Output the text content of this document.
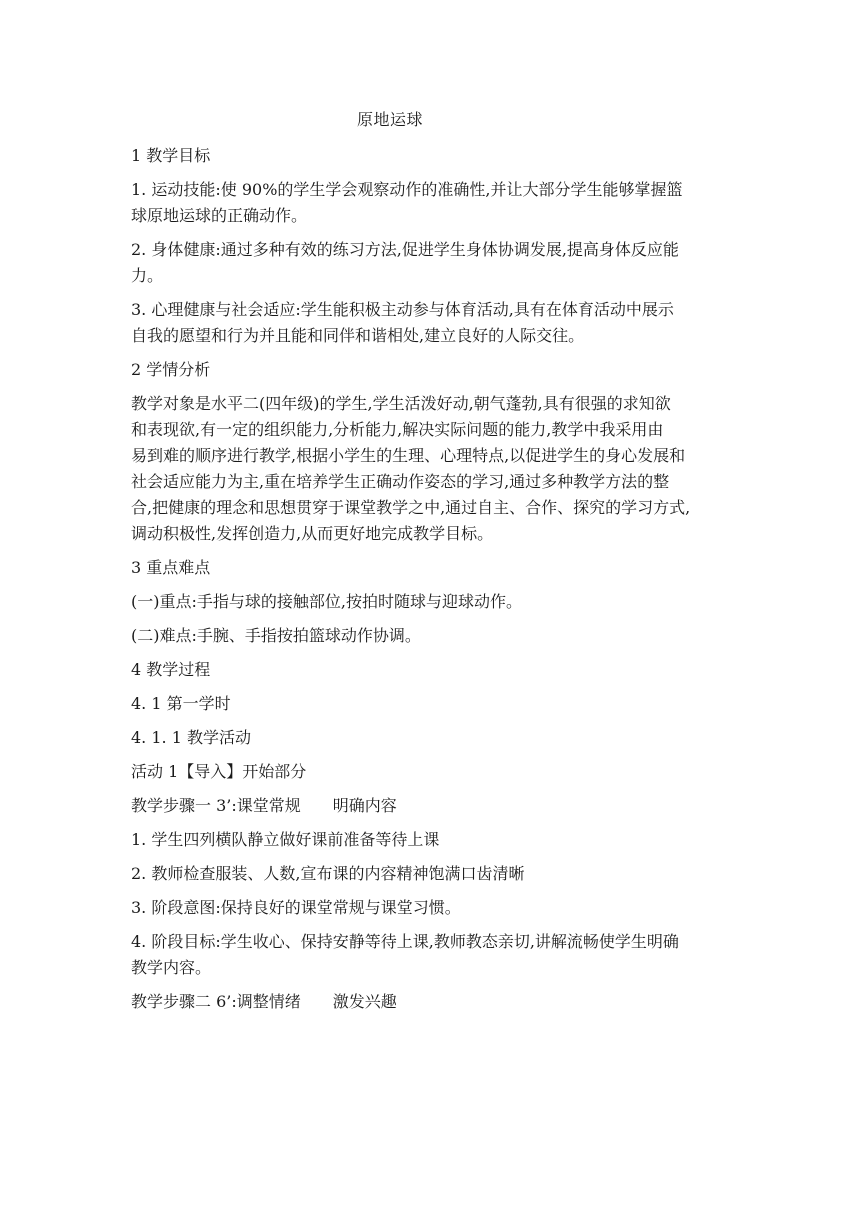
原地运球
1 教学目标
1. 运动技能:使 90%的学生学会观察动作的准确性,并让大部分学生能够掌握篮
球原地运球的正确动作。
2. 身体健康:通过多种有效的练习方法,促进学生身体协调发展,提高身体反应能
力。
3. 心理健康与社会适应:学生能积极主动参与体育活动,具有在体育活动中展示
自我的愿望和行为并且能和同伴和谐相处,建立良好的人际交往。
2 学情分析
教学对象是水平二(四年级)的学生,学生活泼好动,朝气蓬勃,具有很强的求知欲
和表现欲,有一定的组织能力,分析能力,解决实际问题的能力,教学中我采用由
易到难的顺序进行教学,根据小学生的生理、心理特点,以促进学生的身心发展和
社会适应能力为主,重在培养学生正确动作姿态的学习,通过多种教学方法的整
合,把健康的理念和思想贯穿于课堂教学之中,通过自主、合作、探究的学习方式,
调动积极性,发挥创造力,从而更好地完成教学目标。
3 重点难点
(一)重点:手指与球的接触部位,按拍时随球与迎球动作。
(二)难点:手腕、手指按拍篮球动作协调。
4 教学过程
4. 1 第一学时
4. 1. 1 教学活动
活动 1【导入】开始部分
教学步骤一 3’:课堂常规　　明确内容
1. 学生四列横队静立做好课前准备等待上课
2. 教师检查服装、人数,宣布课的内容精神饱满口齿清晰
3. 阶段意图:保持良好的课堂常规与课堂习惯。
4. 阶段目标:学生收心、保持安静等待上课,教师教态亲切,讲解流畅使学生明确
教学内容。
教学步骤二 6’:调整情绪　　激发兴趣
